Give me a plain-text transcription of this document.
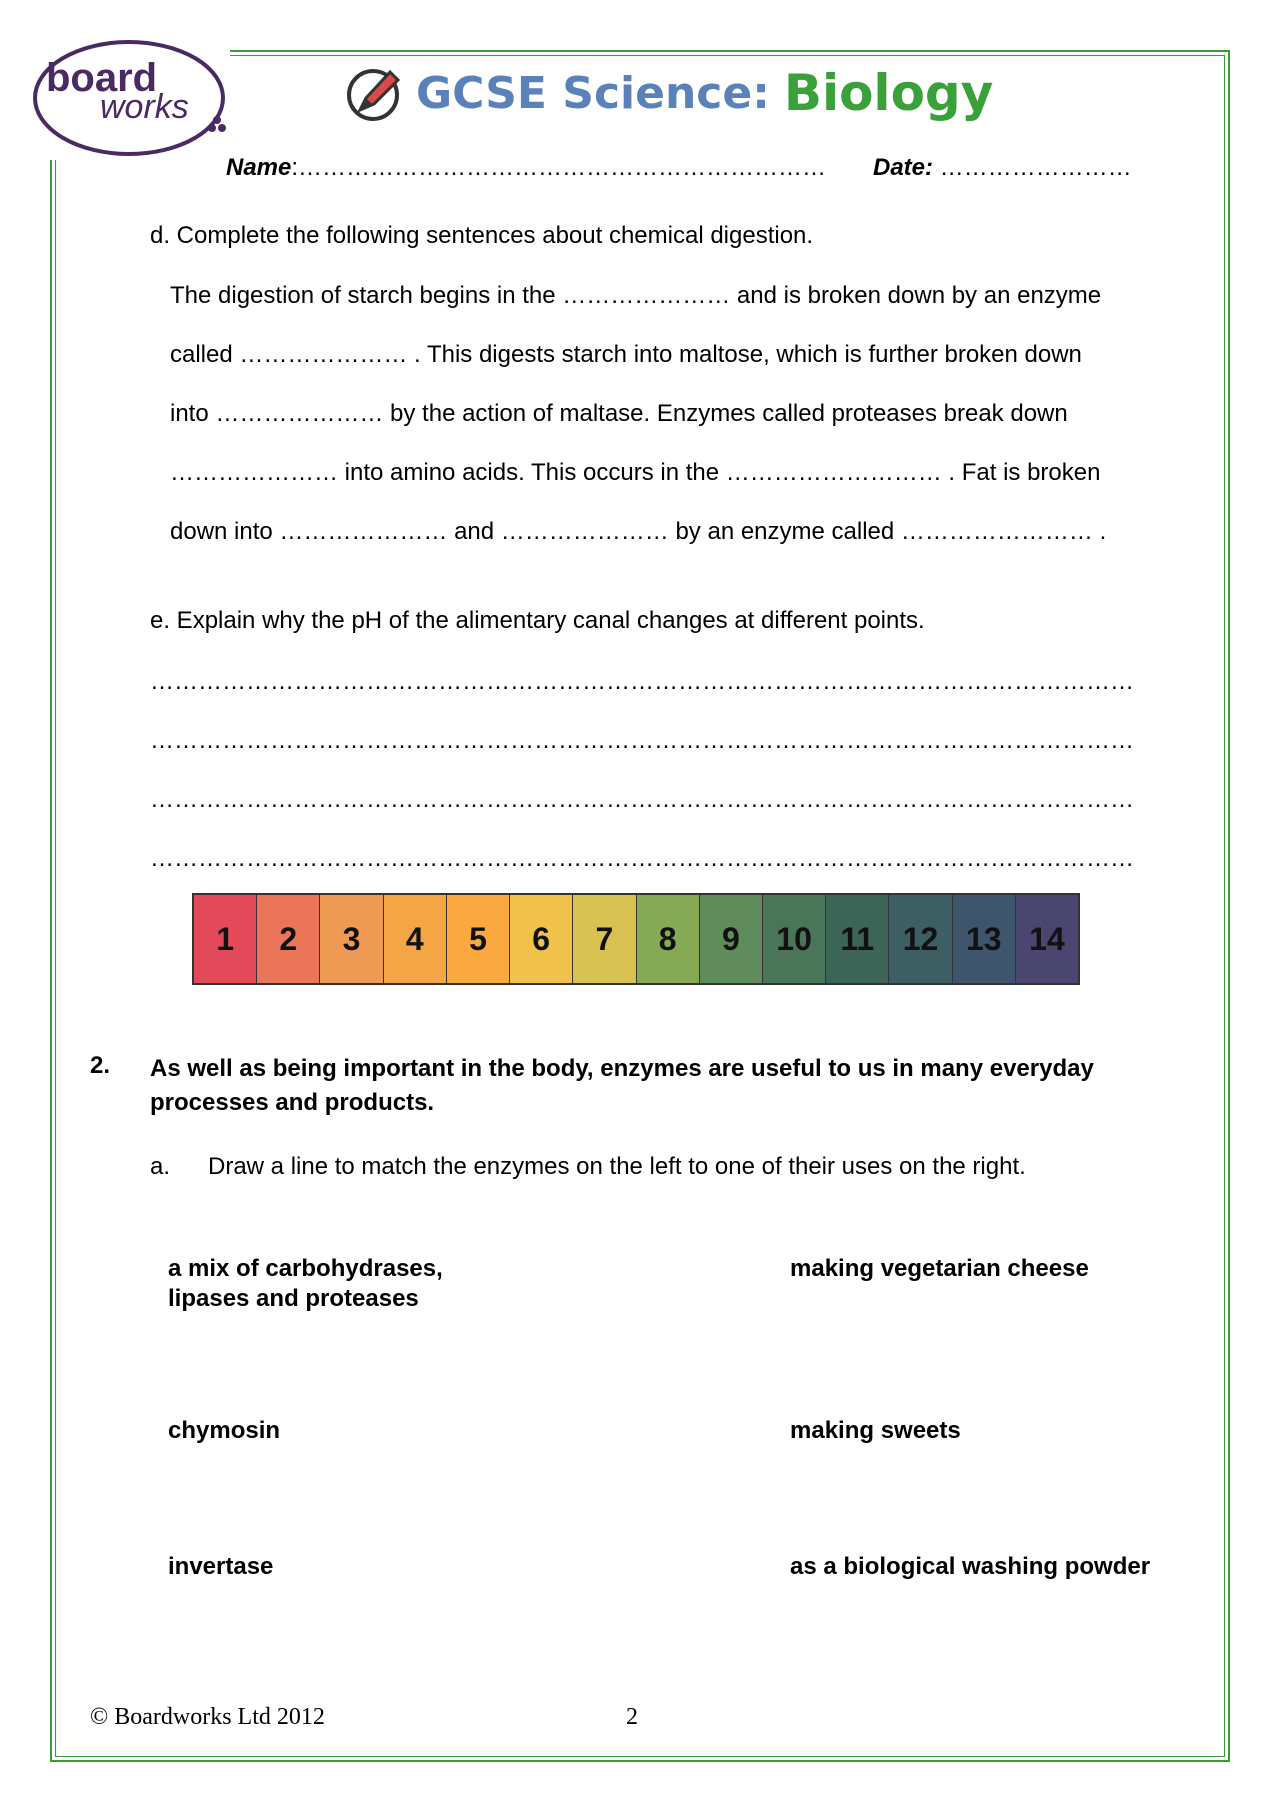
board
works	GCSE Science: Biology
Name:………………………………………………………… Date: ……………………
d. Complete the following sentences about chemical digestion.
The digestion of starch begins in the ………………… and is broken down by an enzyme
called ………………… . This digests starch into maltose, which is further broken down
into ………………… by the action of maltase. Enzymes called proteases break down
………………… into amino acids. This occurs in the ……………………… . Fat is broken
down into ………………… and ………………… by an enzyme called …………………… .
e. Explain why the pH of the alimentary canal changes at different points.
……………………………………………………………………………………………………………
……………………………………………………………………………………………………………
……………………………………………………………………………………………………………
……………………………………………………………………………………………………………
1	2	3	4	5	6	7	8	9	10 11 12 13 14
2. As well as being important in the body, enzymes are useful to us in many everyday processes and products.
a. Draw a line to match the enzymes on the left to one of their uses on the right.
a mix of carbohydrases,
lipases and proteases
chymosin
invertase
making vegetarian cheese
making sweets
as a biological washing powder
© Boardworks Ltd 2012	2
